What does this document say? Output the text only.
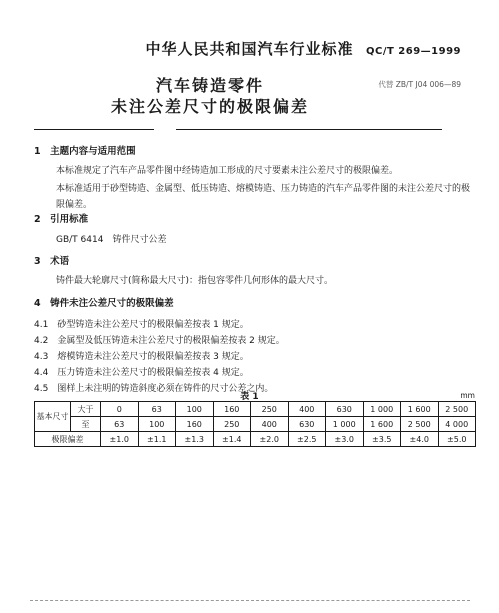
中华人民共和国汽车行业标准	QC/T 269—1999
汽车铸造零件
未注公差尺寸的极限偏差
代替 ZB/T J04 006—89
1　主题内容与适用范围
本标准规定了汽车产品零件图中经铸造加工形成的尺寸要素未注公差尺寸的极限偏差。
本标准适用于砂型铸造、金属型、低压铸造、熔模铸造、压力铸造的汽车产品零件图的未注公差尺寸的极限偏差。
2　引用标准
GB/T 6414　铸件尺寸公差
3　术语
铸件最大轮廓尺寸(简称最大尺寸)：指包容零件几何形体的最大尺寸。
4　铸件未注公差尺寸的极限偏差
4.1　砂型铸造未注公差尺寸的极限偏差按表 1 规定。
4.2　金属型及低压铸造未注公差尺寸的极限偏差按表 2 规定。
4.3　熔模铸造未注公差尺寸的极限偏差按表 3 规定。
4.4　压力铸造未注公差尺寸的极限偏差按表 4 规定。
4.5　图样上未注明的铸造斜度必须在铸件的尺寸公差之内。
表 1	mm
基本尺寸	大于	0	63	100	160	250	400	630	1 000	1 600	2 500
	至	63	100	160	250	400	630	1 000	1 600	2 500	4 000
极限偏差		±1.0	±1.1	±1.3	±1.4	±2.0	±2.5	±3.0	±3.5	±4.0	±5.0
